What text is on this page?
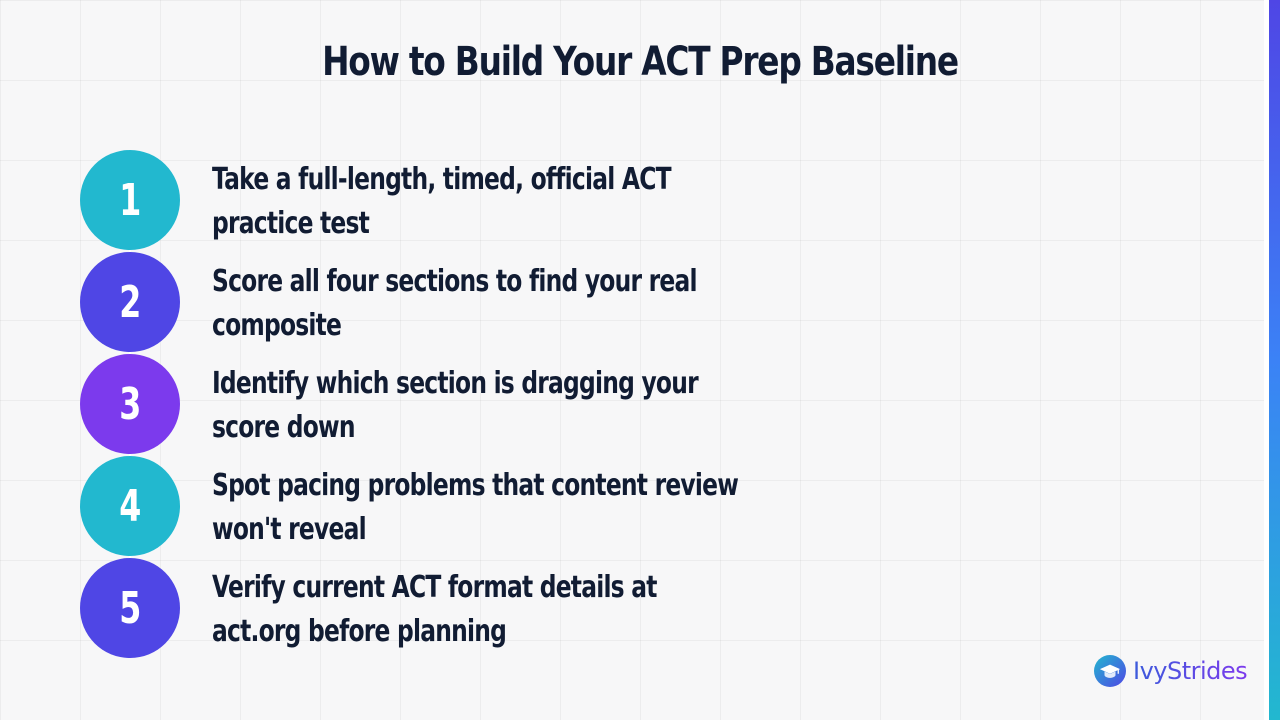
How to Build Your ACT Prep Baseline
1 Take a full-length, timed, official ACT practice test
2 Score all four sections to find your real composite
3 Identify which section is dragging your score down
4 Spot pacing problems that content review won't reveal
5 Verify current ACT format details at act.org before planning
IvyStrides
